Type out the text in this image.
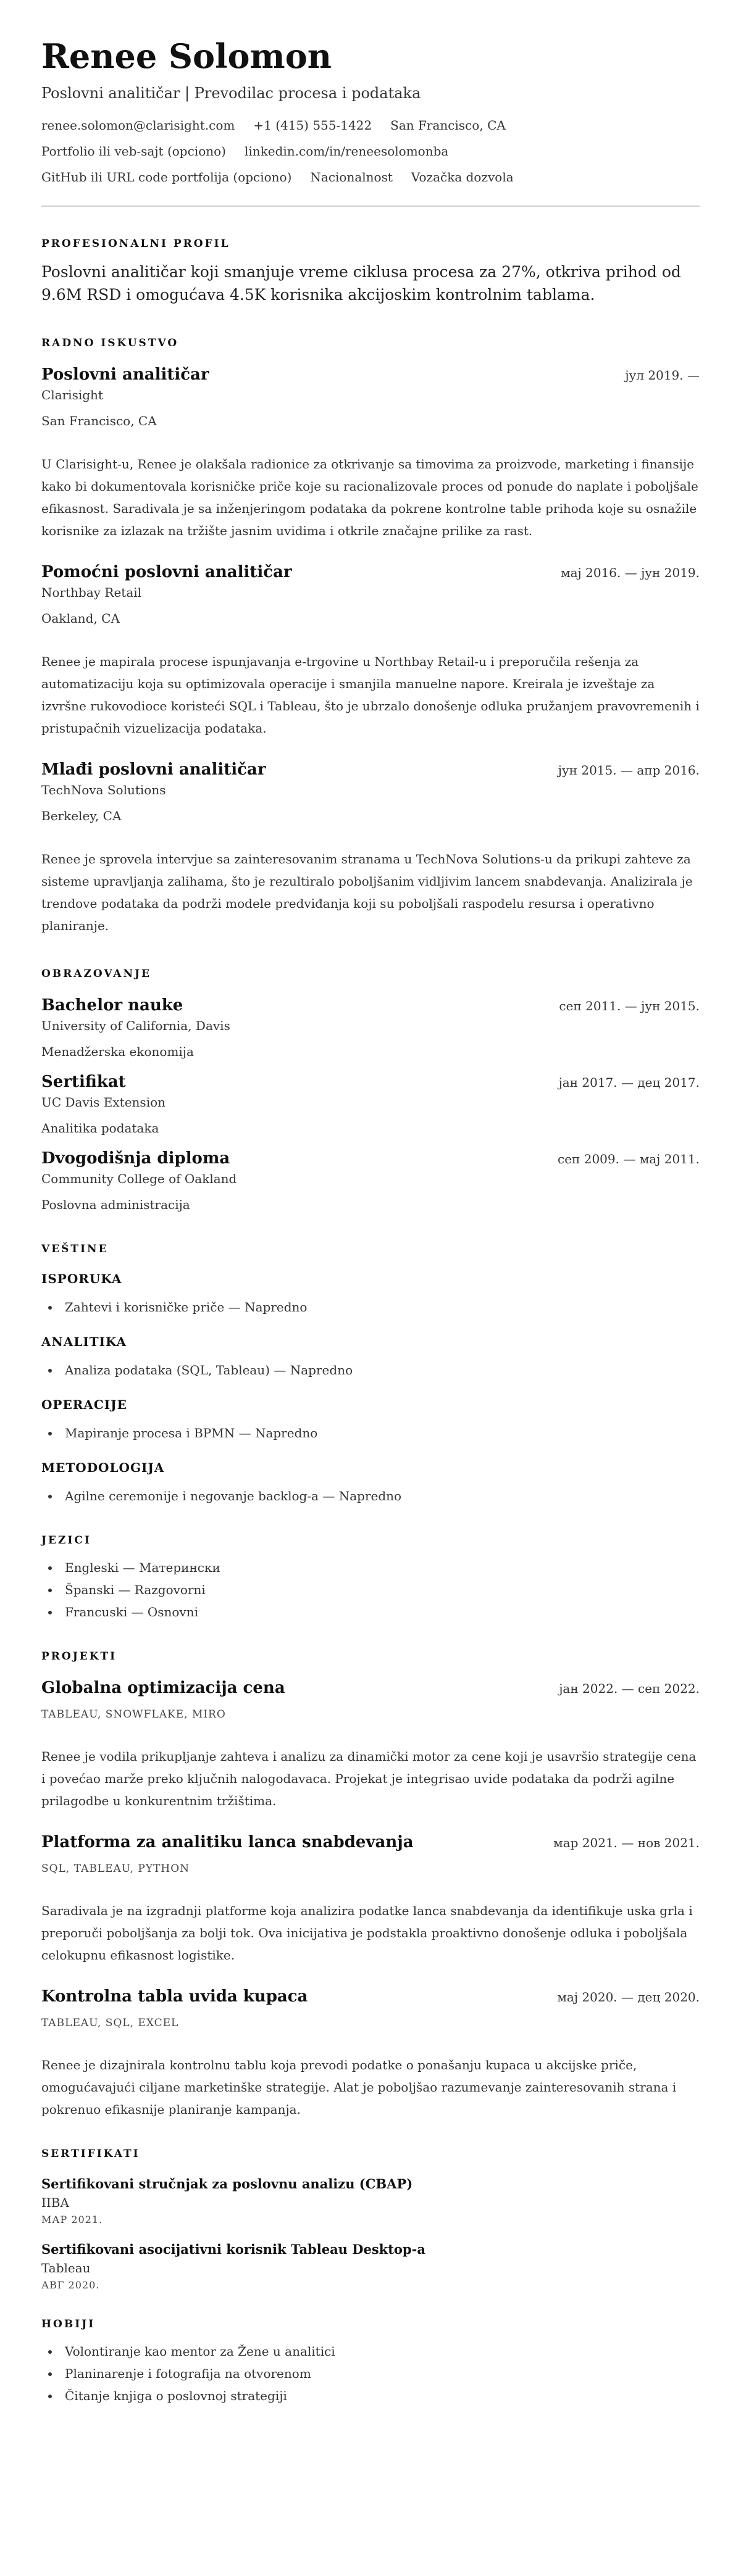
Renee Solomon
Poslovni analitičar | Prevodilac procesa i podataka
renee.solomon@clarisight.com +1 (415) 555-1422 San Francisco, CA
Portfolio ili veb-sajt (opciono) linkedin.com/in/reneesolomonba
GitHub ili URL code portfolija (opciono) Nacionalnost Vozačka dozvola
PROFESIONALNI PROFIL
Poslovni analitičar koji smanjuje vreme ciklusa procesa za 27%, otkriva prihod od 9.6M RSD i omogućava 4.5K korisnika akcijoskim kontrolnim tablama.
RADNO ISKUSTVO
Poslovni analitičar	јул 2019. —
Clarisight
San Francisco, CA
U Clarisight-u, Renee je olakšala radionice za otkrivanje sa timovima za proizvode, marketing i finansije kako bi dokumentovala korisničke priče koje su racionalizovale proces od ponude do naplate i poboljšale efikasnost. Saradivala je sa inženjeringom podataka da pokrene kontrolne table prihoda koje su osnažile korisnike za izlazak na tržište jasnim uvidima i otkrile značajne prilike za rast.
Pomoćni poslovni analitičar	мај 2016. — јун 2019.
Northbay Retail
Oakland, CA
Renee je mapirala procese ispunjavanja e-trgovine u Northbay Retail-u i preporučila rešenja za automatizaciju koja su optimizovala operacije i smanjila manuelne napore. Kreirala je izveštaje za izvršne rukovodioce koristeći SQL i Tableau, što je ubrzalo donošenje odluka pružanjem pravovremenih i pristupačnih vizuelizacija podataka.
Mlađi poslovni analitičar	јун 2015. — апр 2016.
TechNova Solutions
Berkeley, CA
Renee je sprovela intervjue sa zainteresovanim stranama u TechNova Solutions-u da prikupi zahteve za sisteme upravljanja zalihama, što je rezultiralo poboljšanim vidljivim lancem snabdevanja. Analizirala je trendove podataka da podrži modele predviđanja koji su poboljšali raspodelu resursa i operativno planiranje.
OBRAZOVANJE
Bachelor nauke	сеп 2011. — јун 2015.
University of California, Davis
Menadžerska ekonomija
Sertifikat	јан 2017. — дец 2017.
UC Davis Extension
Analitika podataka
Dvogodišnja diploma	сеп 2009. — мај 2011.
Community College of Oakland
Poslovna administracija
VEŠTINE
ISPORUKA
• Zahtevi i korisničke priče — Napredno
ANALITIKA
• Analiza podataka (SQL, Tableau) — Napredno
OPERACIJE
• Mapiranje procesa i BPMN — Napredno
METODOLOGIJA
• Agilne ceremonije i negovanje backlog-a — Napredno
JEZICI
• Engleski — Матерински
• Španski — Razgovorni
• Francuski — Osnovni
PROJEKTI
Globalna optimizacija cena	јан 2022. — сеп 2022.
TABLEAU, SNOWFLAKE, MIRO
Renee je vodila prikupljanje zahteva i analizu za dinamički motor za cene koji je usavršio strategije cena i povećao marže preko ključnih nalogodavaca. Projekat je integrisao uvide podataka da podrži agilne prilagodbe u konkurentnim tržištima.
Platforma za analitiku lanca snabdevanja	мар 2021. — нов 2021.
SQL, TABLEAU, PYTHON
Saradivala je na izgradnji platforme koja analizira podatke lanca snabdevanja da identifikuje uska grla i preporuči poboljšanja za bolji tok. Ova inicijativa je podstakla proaktivno donošenje odluka i poboljšala celokupnu efikasnost logistike.
Kontrolna tabla uvida kupaca	мај 2020. — дец 2020.
TABLEAU, SQL, EXCEL
Renee je dizajnirala kontrolnu tablu koja prevodi podatke o ponašanju kupaca u akcijske priče, omogućavajući ciljane marketinške strategije. Alat je poboljšao razumevanje zainteresovanih strana i pokrenuo efikasnije planiranje kampanja.
SERTIFIKATI
Sertifikovani stručnjak za poslovnu analizu (CBAP)
IIBA
МАР 2021.
Sertifikovani asocijativni korisnik Tableau Desktop-a
Tableau
АВГ 2020.
HOBIJI
• Volontiranje kao mentor za Žene u analitici
• Planinarenje i fotografija na otvorenom
• Čitanje knjiga o poslovnoj strategiji
